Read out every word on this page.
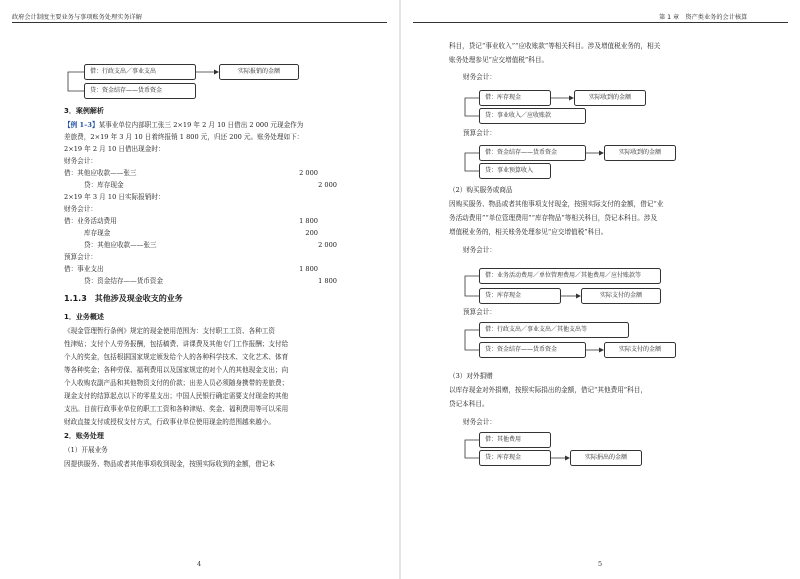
政府会计制度主要业务与事项账务处理实务详解
借：行政支出／事业支出	实际报销的金额
贷：资金结存——货币资金
3．案例解析
【例 1–3】某事业单位内部职工张三 2×19 年 2 月 10 日借出 2 000 元现金作为
差旅费，2×19 年 3 月 10 日着终报销 1 800 元，归还 200 元。账务处理如下：
2×19 年 2 月 10 日借出现金时：
财务会计：
借：其他应收款——张三	2 000
贷：库存现金	2 000
2×19 年 3 月 10 日实际报销时：
财务会计：
借：业务活动费用	1 800
库存现金	200
贷：其他应收款——张三	2 000
预算会计：
借：事业支出	1 800
贷：资金结存——货币资金	1 800
1.1.3　其他涉及现金收支的业务
1．业务概述
《现金管理暂行条例》规定的现金使用范围为：支付职工工资、各种工资
性津贴；支付个人劳务报酬，包括稿费、讲课费及其他专门工作报酬；支付给
个人的奖金，包括根据国家规定颁发给个人的各种科学技术、文化艺术、体育
等各种奖金；各种劳保、福利费用以及国家规定的对个人的其他现金支出；向
个人收购农副产品和其他物资支付的价款；出差人员必须随身携带的差旅费；
现金支付的结算起点以下的零星支出；中国人民银行确定需要支付现金的其他
支出。目前行政事业单位的职工工资和各种津贴、奖金、福利费用等可以采用
财政直接支付或授权支付方式，行政事业单位使用现金的范围越来越小。
2．账务处理
（1）开展业务
因提供服务、物品或者其他事项收到现金，按照实际收到的金额，借记本
4
第 1 章　资产类业务的会计核算
科目，贷记“事业收入”“应收账款”等相关科目。涉及增值税业务的，相关
账务处理参见“应交增值税”科目。
财务会计：
借：库存现金	实际收到的金额
贷：事业收入／应收账款
预算会计：
借：资金结存——货币资金	实际收到的金额
贷：事业预算收入
（2）购买服务或商品
因购买服务、物品或者其他事项支付现金，按照实际支付的金额，借记“业
务活动费用”“单位管理费用”“库存物品”等相关科目，贷记本科目。涉及
增值税业务的，相关账务处理参见“应交增值税”科目。
财务会计：
借：业务活动费用／单位管理费用／其他费用／应付账款等
贷：库存现金	实际支付的金额
预算会计：
借：行政支出／事业支出／其他支出等
贷：资金结存——货币资金	实际支付的金额
（3）对外捐赠
以库存现金对外捐赠，按照实际捐出的金额，借记“其他费用”科目，
贷记本科目。
财务会计：
借：其他费用
贷：库存现金	实际捐出的金额
5
